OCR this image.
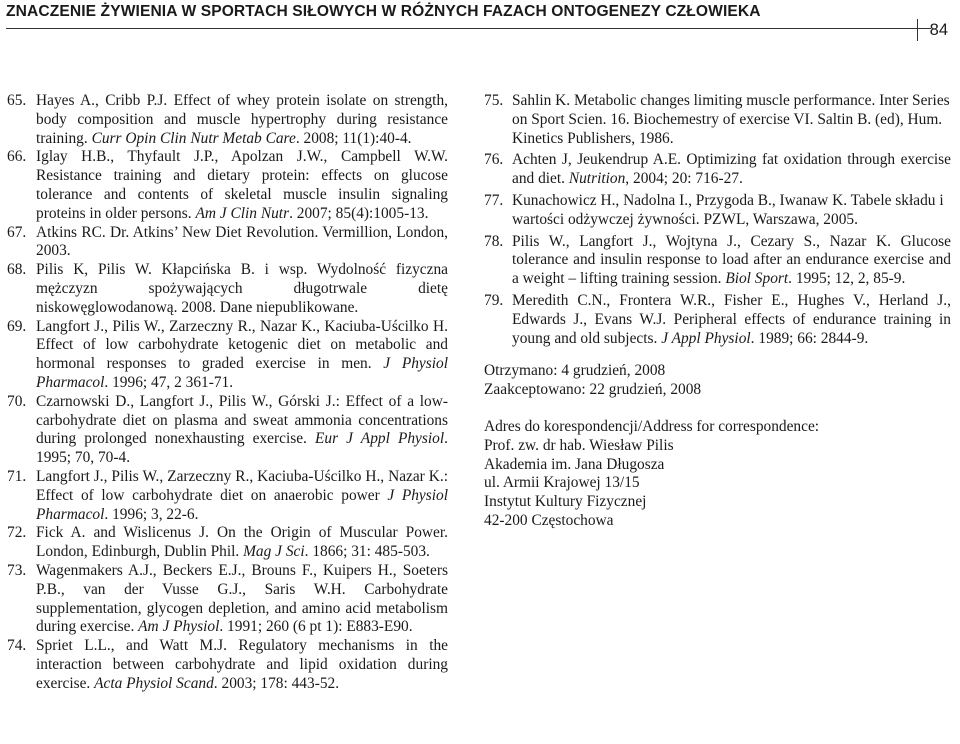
ZNACZENIE ŻYWIENIA W SPORTACH SIŁOWYCH W RÓŻNYCH FAZACH ONTOGENEZY CZŁOWIEKA
84

65. Hayes A., Cribb P.J. Effect of whey protein isolate on strength, body composition and muscle hypertrophy during resistance training. Curr Opin Clin Nutr Metab Care. 2008; 11(1):40-4.

66. Iglay H.B., Thyfault J.P., Apolzan J.W., Campbell W.W. Resistance training and dietary protein: effects on glucose tolerance and contents of skeletal muscle insulin signaling proteins in older persons. Am J Clin Nutr. 2007; 85(4):1005-13.

67. Atkins RC. Dr. Atkins’ New Diet Revolution. Vermillion, London, 2003.

68. Pilis K, Pilis W. Kłapcińska B. i wsp. Wydolność fizyczna mężczyzn spożywających długotrwale dietę niskowęglowodanową. 2008. Dane niepublikowane.

69. Langfort J., Pilis W., Zarzeczny R., Nazar K., Kaciuba-Uścilko H. Effect of low carbohydrate ketogenic diet on metabolic and hormonal responses to graded exercise in men. J Physiol Pharmacol. 1996; 47, 2 361-71.

70. Czarnowski D., Langfort J., Pilis W., Górski J.: Effect of a low-carbohydrate diet on plasma and sweat ammonia concentrations during prolonged nonexhausting exercise. Eur J Appl Physiol. 1995; 70, 70-4.

71. Langfort J., Pilis W., Zarzeczny R., Kaciuba-Uścilko H., Nazar K.: Effect of low carbohydrate diet on anaerobic power J Physiol Pharmacol. 1996; 3, 22-6.

72. Fick A. and Wislicenus J. On the Origin of Muscular Power. London, Edinburgh, Dublin Phil. Mag J Sci. 1866; 31: 485-503.

73. Wagenmakers A.J., Beckers E.J., Brouns F., Kuipers H., Soeters P.B., van der Vusse G.J., Saris W.H. Carbohydrate supplementation, glycogen depletion, and amino acid metabolism during exercise. Am J Physiol. 1991; 260 (6 pt 1): E883-E90.

74. Spriet L.L., and Watt M.J. Regulatory mechanisms in the interaction between carbohydrate and lipid oxidation during exercise. Acta Physiol Scand. 2003; 178: 443-52.

75. Sahlin K. Metabolic changes limiting muscle performance. Inter Series on Sport Scien. 16. Biochemestry of exercise VI. Saltin B. (ed), Hum. Kinetics Publishers, 1986.

76. Achten J, Jeukendrup A.E. Optimizing fat oxidation through exercise and diet. Nutrition, 2004; 20: 716-27.

77. Kunachowicz H., Nadolna I., Przygoda B., Iwanaw K. Tabele składu i wartości odżywczej żywności. PZWL, Warszawa, 2005.

78. Pilis W., Langfort J., Wojtyna J., Cezary S., Nazar K. Glucose tolerance and insulin response to load after an endurance exercise and a weight – lifting training session. Biol Sport. 1995; 12, 2, 85-9.

79. Meredith C.N., Frontera W.R., Fisher E., Hughes V., Herland J., Edwards J., Evans W.J. Peripheral effects of endurance training in young and old subjects. J Appl Physiol. 1989; 66: 2844-9.

Otrzymano: 4 grudzień, 2008

Zaakceptowano: 22 grudzień, 2008

Adres do korespondencji/Address for correspondence:

Prof. zw. dr hab. Wiesław Pilis

Akademia im. Jana Długosza

ul. Armii Krajowej 13/15

Instytut Kultury Fizycznej

42-200 Częstochowa
